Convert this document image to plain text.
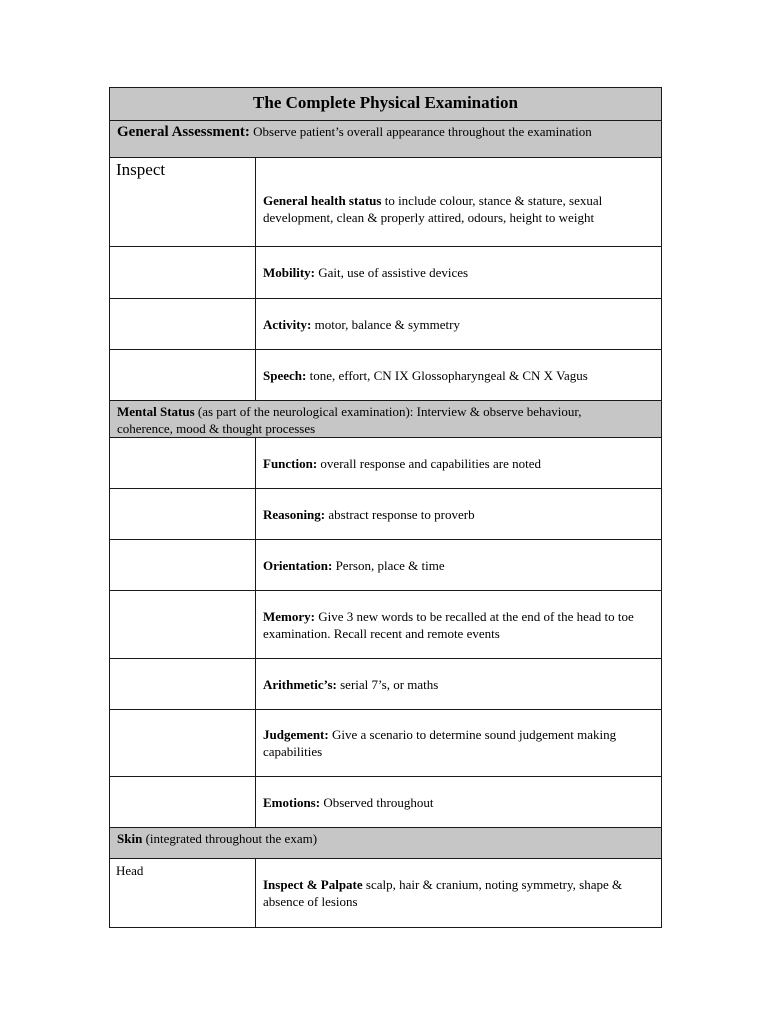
The Complete Physical Examination	
General Assessment: Observe patient’s overall appearance throughout the examination	

Inspect	General health status to include colour, stance & stature, sexual development, clean & properly attired, odours, height to weight
	Mobility: Gait, use of assistive devices
	Activity: motor, balance & symmetry
	Speech: tone, effort, CN IX Glossopharyngeal & CN X Vagus
Mental Status (as part of the neurological examination): Interview & observe behaviour, coherence, mood & thought processes	
	Function: overall response and capabilities are noted
	Reasoning: abstract response to proverb
	Orientation: Person, place & time
	Memory: Give 3 new words to be recalled at the end of the head to toe examination. Recall recent and remote events
	Arithmetic’s: serial 7’s, or maths
	Judgement: Give a scenario to determine sound judgement making capabilities
	Emotions: Observed throughout
Skin (integrated throughout the exam)	

Head	Inspect & Palpate scalp, hair & cranium, noting symmetry, shape & absence of lesions
